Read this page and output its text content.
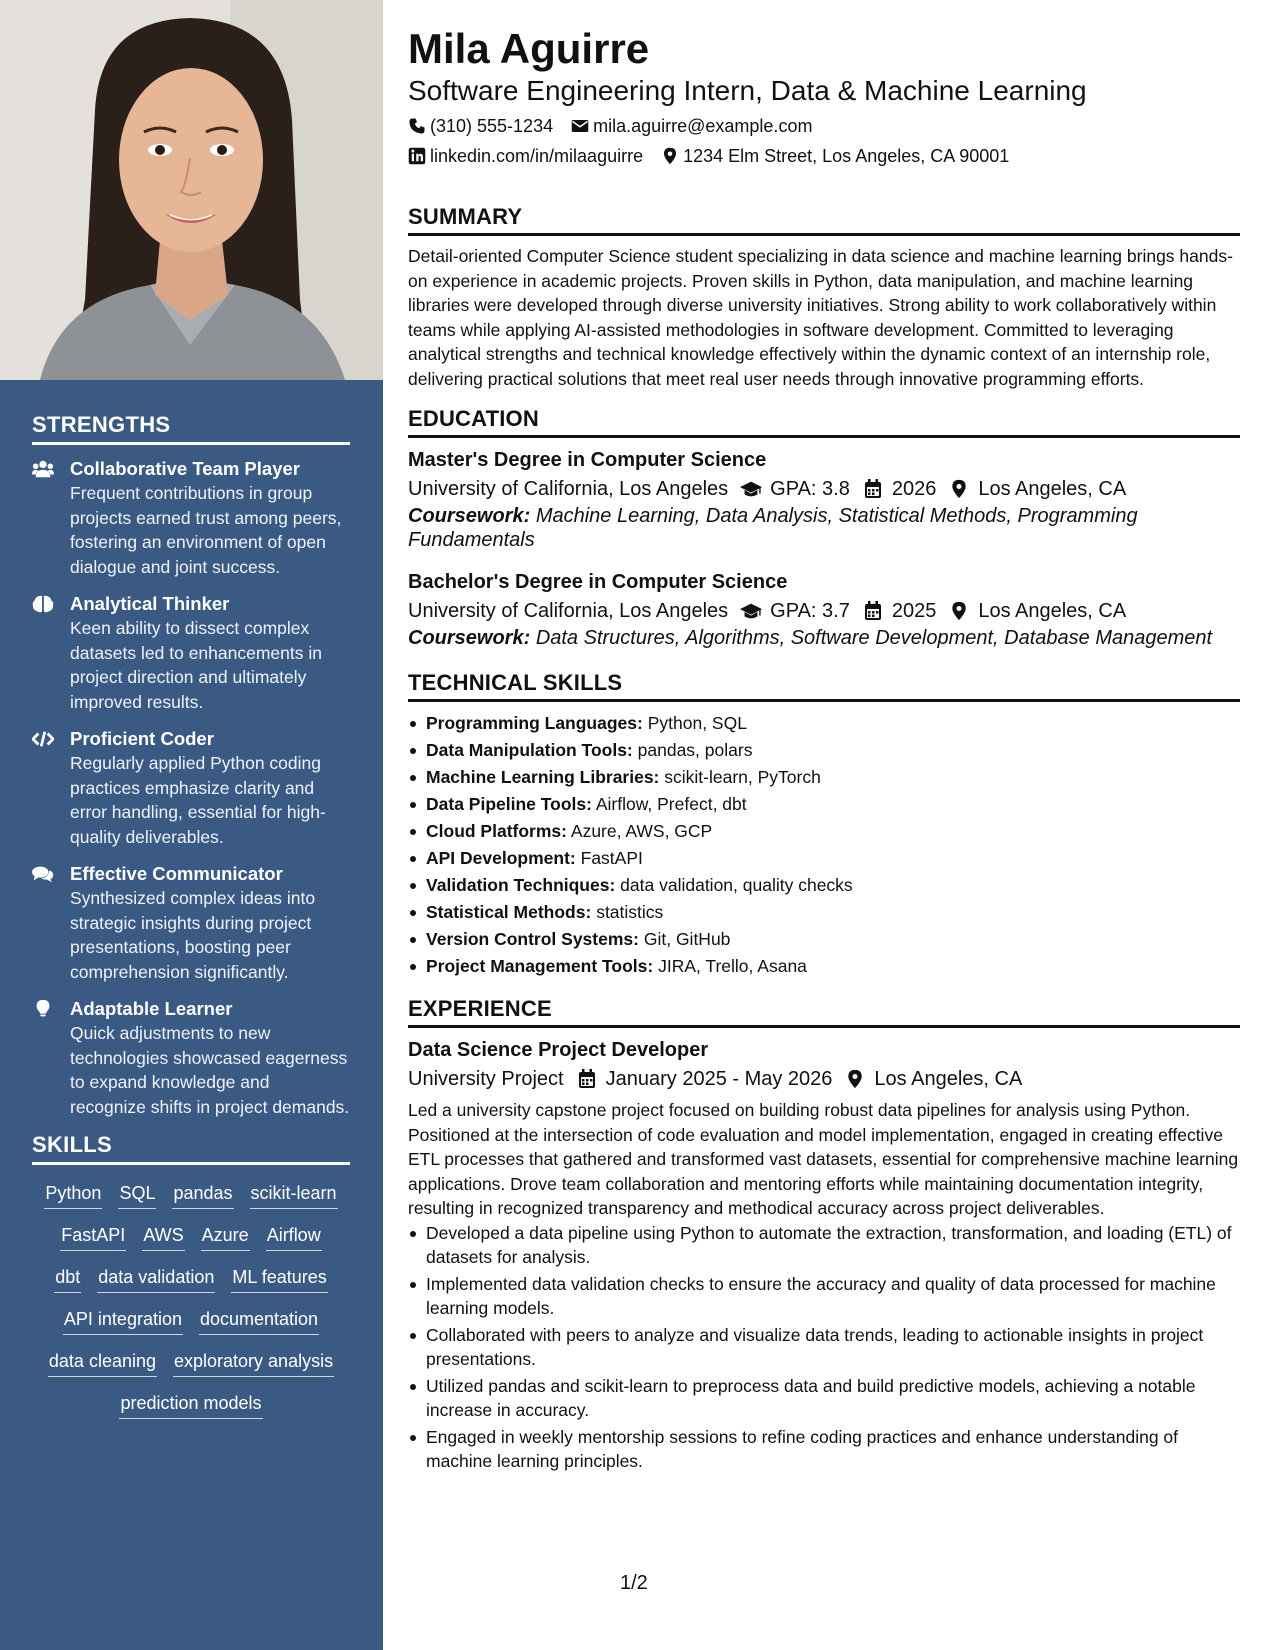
STRENGTHS
Collaborative Team Player
Frequent contributions in group projects earned trust among peers, fostering an environment of open dialogue and joint success.
Analytical Thinker
Keen ability to dissect complex datasets led to enhancements in project direction and ultimately improved results.
Proficient Coder
Regularly applied Python coding practices emphasize clarity and error handling, essential for high-quality deliverables.
Effective Communicator
Synthesized complex ideas into strategic insights during project presentations, boosting peer comprehension significantly.
Adaptable Learner
Quick adjustments to new technologies showcased eagerness to expand knowledge and recognize shifts in project demands.
SKILLS
Python SQL pandas scikit-learn
FastAPI AWS Azure Airflow
dbt data validation ML features
API integration documentation
data cleaning exploratory analysis
prediction models
Mila Aguirre
Software Engineering Intern, Data & Machine Learning
(310) 555-1234 mila.aguirre@example.com
linkedin.com/in/milaaguirre 1234 Elm Street, Los Angeles, CA 90001
SUMMARY

Detail-oriented Computer Science student specializing in data science and machine learning brings hands-on experience in academic projects. Proven skills in Python, data manipulation, and machine learning libraries were developed through diverse university initiatives. Strong ability to work collaboratively within teams while applying AI-assisted methodologies in software development. Committed to leveraging analytical strengths and technical knowledge effectively within the dynamic context of an internship role, delivering practical solutions that meet real user needs through innovative programming efforts.

EDUCATION
Master's Degree in Computer Science
University of California, Los Angeles GPA: 3.8 2026 Los Angeles, CA
Coursework: Machine Learning, Data Analysis, Statistical Methods, Programming Fundamentals
Bachelor's Degree in Computer Science
University of California, Los Angeles GPA: 3.7 2025 Los Angeles, CA
Coursework: Data Structures, Algorithms, Software Development, Database Management
TECHNICAL SKILLS
Programming Languages: Python, SQL
Data Manipulation Tools: pandas, polars
Machine Learning Libraries: scikit-learn, PyTorch
Data Pipeline Tools: Airflow, Prefect, dbt
Cloud Platforms: Azure, AWS, GCP
API Development: FastAPI
Validation Techniques: data validation, quality checks
Statistical Methods: statistics
Version Control Systems: Git, GitHub
Project Management Tools: JIRA, Trello, Asana
EXPERIENCE
Data Science Project Developer
University Project January 2025 - May 2026 Los Angeles, CA

Led a university capstone project focused on building robust data pipelines for analysis using Python. Positioned at the intersection of code evaluation and model implementation, engaged in creating effective ETL processes that gathered and transformed vast datasets, essential for comprehensive machine learning applications. Drove team collaboration and mentoring efforts while maintaining documentation integrity, resulting in recognized transparency and methodical accuracy across project deliverables.

Developed a data pipeline using Python to automate the extraction, transformation, and loading (ETL) of datasets for analysis.
Implemented data validation checks to ensure the accuracy and quality of data processed for machine learning models.
Collaborated with peers to analyze and visualize data trends, leading to actionable insights in project presentations.
Utilized pandas and scikit-learn to preprocess data and build predictive models, achieving a notable increase in accuracy.
Engaged in weekly mentorship sessions to refine coding practices and enhance understanding of machine learning principles.
1/2
